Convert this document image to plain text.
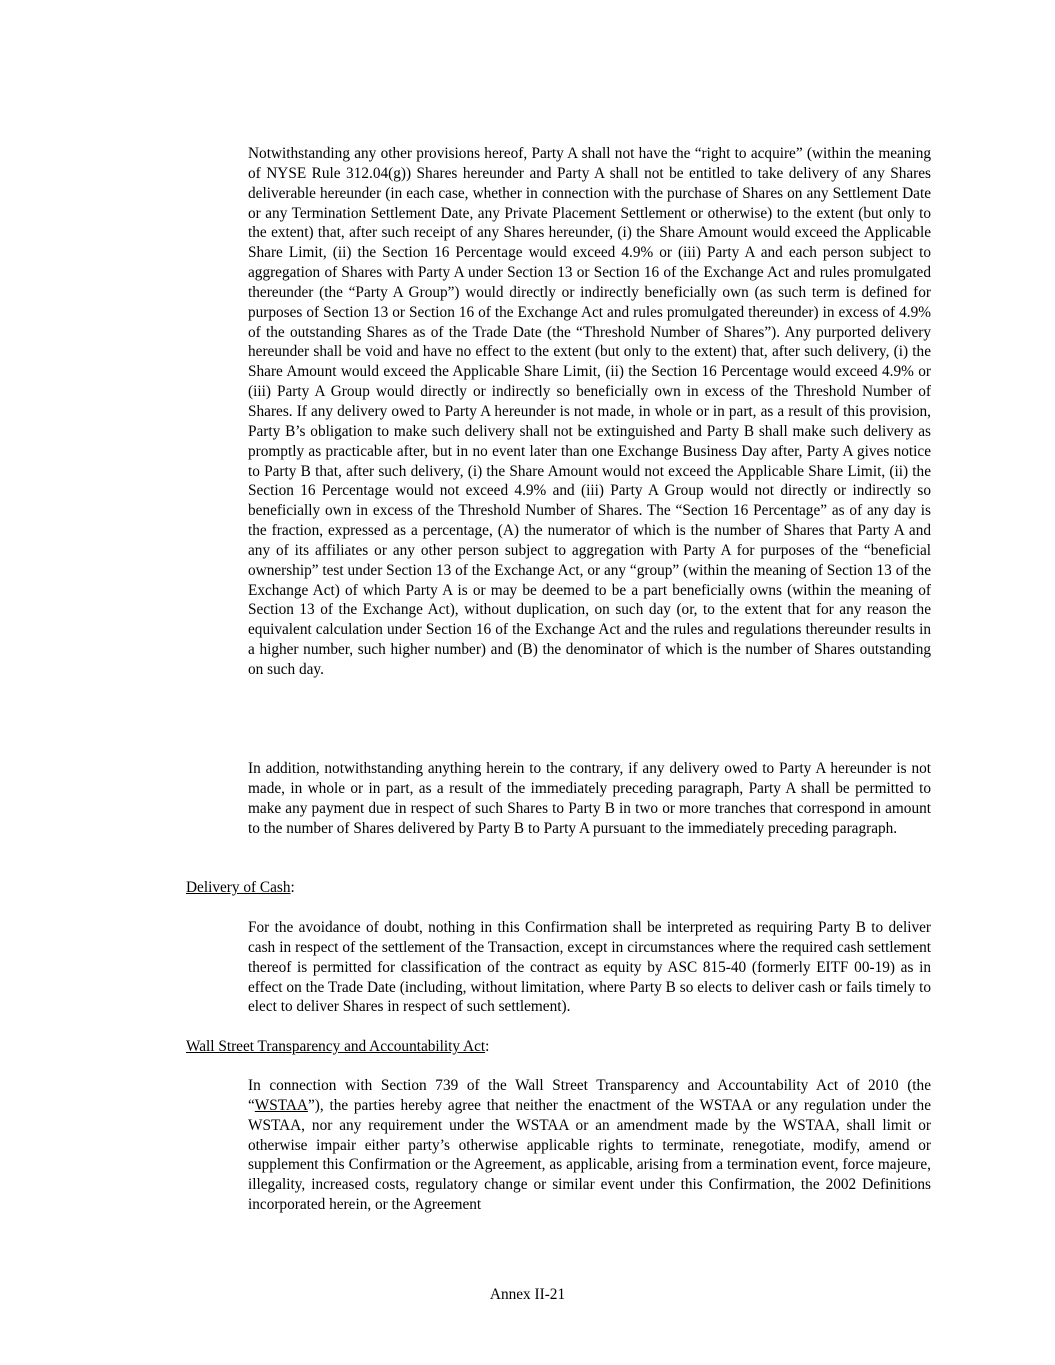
Notwithstanding any other provisions hereof, Party A shall not have the “right to acquire” (within the meaning of NYSE Rule 312.04(g)) Shares hereunder and Party A shall not be entitled to take delivery of any Shares deliverable hereunder (in each case, whether in connection with the purchase of Shares on any Settlement Date or any Termination Settlement Date, any Private Placement Settlement or otherwise) to the extent (but only to the extent) that, after such receipt of any Shares hereunder, (i) the Share Amount would exceed the Applicable Share Limit, (ii) the Section 16 Percentage would exceed 4.9% or (iii) Party A and each person subject to aggregation of Shares with Party A under Section 13 or Section 16 of the Exchange Act and rules promulgated thereunder (the “Party A Group”) would directly or indirectly beneficially own (as such term is defined for purposes of Section 13 or Section 16 of the Exchange Act and rules promulgated thereunder) in excess of 4.9% of the outstanding Shares as of the Trade Date (the “Threshold Number of Shares”). Any purported delivery hereunder shall be void and have no effect to the extent (but only to the extent) that, after such delivery, (i) the Share Amount would exceed the Applicable Share Limit, (ii) the Section 16 Percentage would exceed 4.9% or (iii) Party A Group would directly or indirectly so beneficially own in excess of the Threshold Number of Shares. If any delivery owed to Party A hereunder is not made, in whole or in part, as a result of this provision, Party B’s obligation to make such delivery shall not be extinguished and Party B shall make such delivery as promptly as practicable after, but in no event later than one Exchange Business Day after, Party A gives notice to Party B that, after such delivery, (i) the Share Amount would not exceed the Applicable Share Limit, (ii) the Section 16 Percentage would not exceed 4.9% and (iii) Party A Group would not directly or indirectly so beneficially own in excess of the Threshold Number of Shares. The “Section 16 Percentage” as of any day is the fraction, expressed as a percentage, (A) the numerator of which is the number of Shares that Party A and any of its affiliates or any other person subject to aggregation with Party A for purposes of the “beneficial ownership” test under Section 13 of the Exchange Act, or any “group” (within the meaning of Section 13 of the Exchange Act) of which Party A is or may be deemed to be a part beneficially owns (within the meaning of Section 13 of the Exchange Act), without duplication, on such day (or, to the extent that for any reason the equivalent calculation under Section 16 of the Exchange Act and the rules and regulations thereunder results in a higher number, such higher number) and (B) the denominator of which is the number of Shares outstanding on such day.

In addition, notwithstanding anything herein to the contrary, if any delivery owed to Party A hereunder is not made, in whole or in part, as a result of the immediately preceding paragraph, Party A shall be permitted to make any payment due in respect of such Shares to Party B in two or more tranches that correspond in amount to the number of Shares delivered by Party B to Party A pursuant to the immediately preceding paragraph.

Delivery of Cash:

For the avoidance of doubt, nothing in this Confirmation shall be interpreted as requiring Party B to deliver cash in respect of the settlement of the Transaction, except in circumstances where the required cash settlement thereof is permitted for classification of the contract as equity by ASC 815-40 (formerly EITF 00-19) as in effect on the Trade Date (including, without limitation, where Party B so elects to deliver cash or fails timely to elect to deliver Shares in respect of such settlement).

Wall Street Transparency and Accountability Act:

In connection with Section 739 of the Wall Street Transparency and Accountability Act of 2010 (the “WSTAA”), the parties hereby agree that neither the enactment of the WSTAA or any regulation under the WSTAA, nor any requirement under the WSTAA or an amendment made by the WSTAA, shall limit or otherwise impair either party’s otherwise applicable rights to terminate, renegotiate, modify, amend or supplement this Confirmation or the Agreement, as applicable, arising from a termination event, force majeure, illegality, increased costs, regulatory change or similar event under this Confirmation, the 2002 Definitions incorporated herein, or the Agreement

Annex II-21
